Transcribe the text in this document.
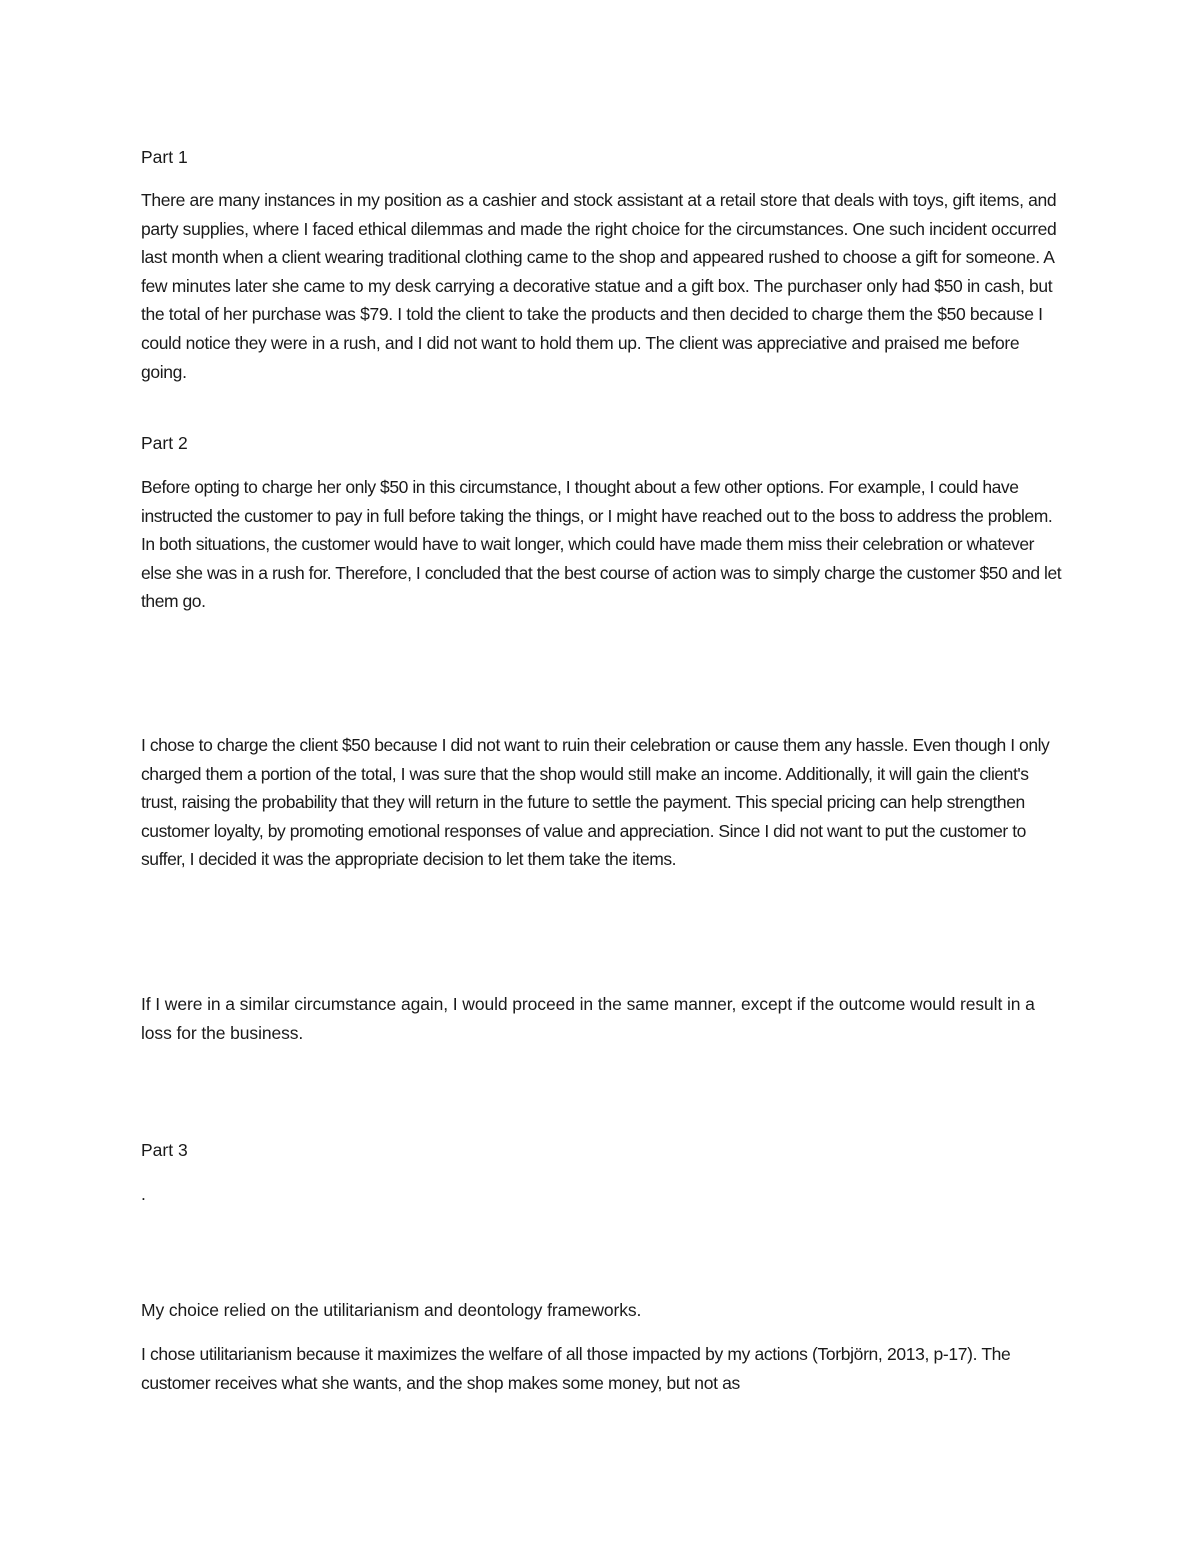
Part 1

There are many instances in my position as a cashier and stock assistant at a retail store that deals with toys, gift items, and party supplies, where I faced ethical dilemmas and made the right choice for the circumstances. One such incident occurred last month when a client wearing traditional clothing came to the shop and appeared rushed to choose a gift for someone. A few minutes later she came to my desk carrying a decorative statue and a gift box. The purchaser only had $50 in cash, but the total of her purchase was $79. I told the client to take the products and then decided to charge them the $50 because I could notice they were in a rush, and I did not want to hold them up. The client was appreciative and praised me before going.

Part 2

Before opting to charge her only $50 in this circumstance, I thought about a few other options. For example, I could have instructed the customer to pay in full before taking the things, or I might have reached out to the boss to address the problem. In both situations, the customer would have to wait longer, which could have made them miss their celebration or whatever else she was in a rush for. Therefore, I concluded that the best course of action was to simply charge the customer $50 and let them go.

I chose to charge the client $50 because I did not want to ruin their celebration or cause them any hassle. Even though I only charged them a portion of the total, I was sure that the shop would still make an income. Additionally, it will gain the client's trust, raising the probability that they will return in the future to settle the payment. This special pricing can help strengthen customer loyalty, by promoting emotional responses of value and appreciation. Since I did not want to put the customer to suffer, I decided it was the appropriate decision to let them take the items.

If I were in a similar circumstance again, I would proceed in the same manner, except if the outcome would result in a loss for the business.

Part 3

.

My choice relied on the utilitarianism and deontology frameworks.

I chose utilitarianism because it maximizes the welfare of all those impacted by my actions (Torbjörn, 2013, p-17). The customer receives what she wants, and the shop makes some money, but not as
